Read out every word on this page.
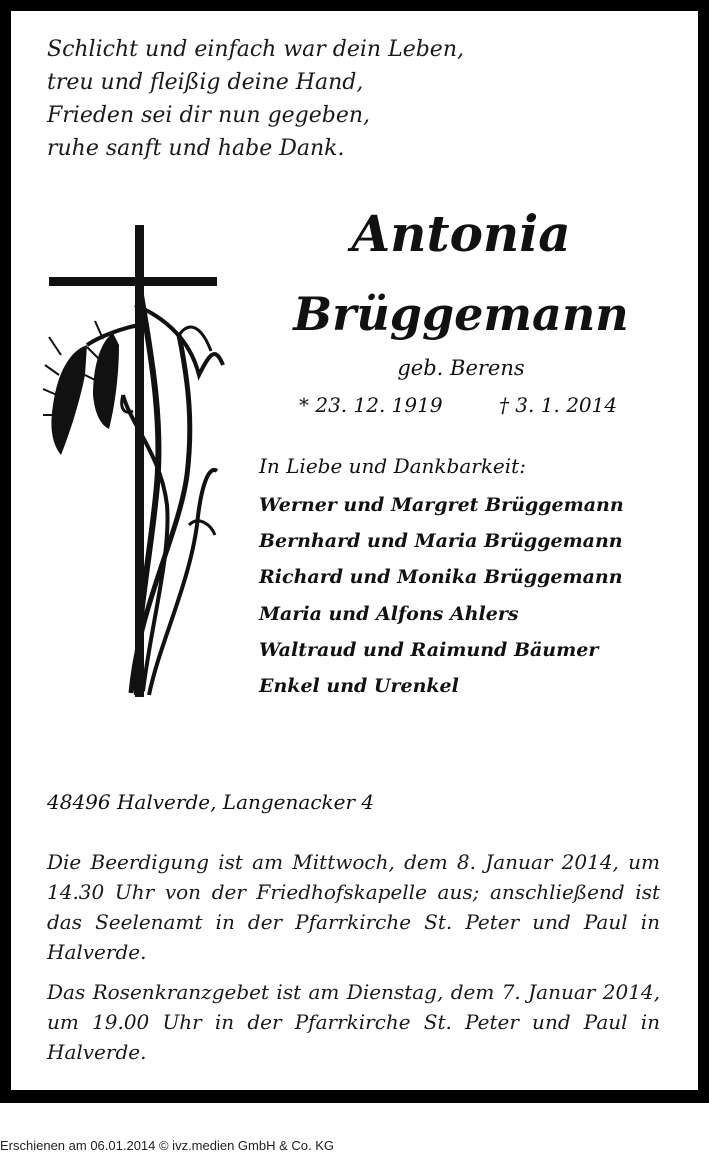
Schlicht und einfach war dein Leben,
treu und fleißig deine Hand,
Frieden sei dir nun gegeben,
ruhe sanft und habe Dank.
Antonia
Brüggemann
geb. Berens
* 23. 12. 1919	† 3. 1. 2014
In Liebe und Dankbarkeit:
Werner und Margret Brüggemann
Bernhard und Maria Brüggemann
Richard und Monika Brüggemann
Maria und Alfons Ahlers
Waltraud und Raimund Bäumer
Enkel und Urenkel
48496 Halverde, Langenacker 4
Die Beerdigung ist am Mittwoch, dem 8. Januar 2014, um 14.30 Uhr von der Friedhofskapelle aus; anschließend ist das Seelenamt in der Pfarrkirche St. Peter und Paul in Halverde.
Das Rosenkranzgebet ist am Dienstag, dem 7. Januar 2014, um 19.00 Uhr in der Pfarrkirche St. Peter und Paul in Halverde.
Erschienen am 06.01.2014 © ivz.medien GmbH & Co. KG
